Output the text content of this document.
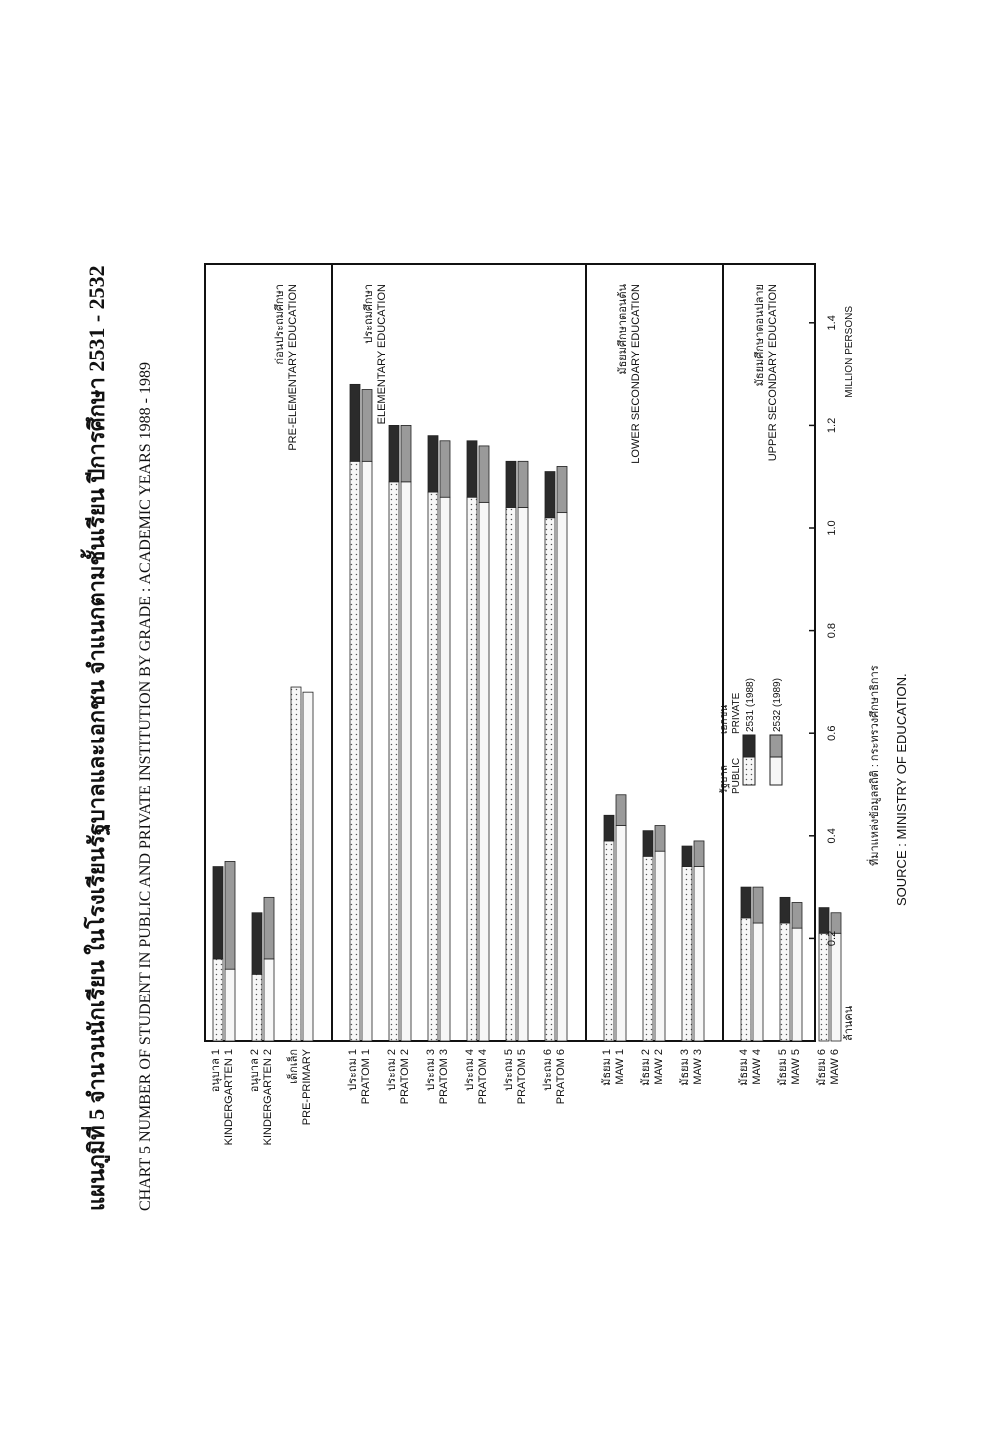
แผนภูมิที่ 5 จำนวนนักเรียน ในโรงเรียนรัฐบาลและเอกชน จำแนกตามชั้นเรียน ปีการศึกษา 2531 - 2532 CHART 5 NUMBER OF STUDENT IN PUBLIC AND PRIVATE INSTITUTION BY GRADE : ACADEMIC YEARS 1988 - 1989	อนุบาล 1 KINDERGARTEN 1 อนุบาล 2 KINDERGARTEN 2 เด็กเล็ก PRE-PRIMARY	ประถม 1 PRATOM 1 ประถม 2 PRATOM 2 ประถม 3 PRATOM 3 ประถม 4 PRATOM 4 ประถม 5 PRATOM 5 ประถม 6 PRATOM 6	มัธยม 1 MAW 1 มัธยม 2 MAW 2 มัธยม 3 MAW 3	มัธยม 4 MAW 4 มัธยม 5 MAW 5 มัธยม 6 MAW 6
0.2
0.4
0.6
0.8
1.0
1.2
1.4
ก่อนประถมศึกษา PRE-ELEMENTARY EDUCATION	ประถมศึกษา ELEMENTARY EDUCATION	มัธยมศึกษาตอนต้น LOWER SECONDARY EDUCATION	มัธยมศึกษาตอนปลาย UPPER SECONDARY EDUCATION
รัฐบาล PUBLIC
เอกชน PRIVATE 2531 (1988) 2532 (1989)
ล้านคน
MILLION PERSONS
ที่มาแหล่งข้อมูลสถิติ : กระทรวงศึกษาธิการ SOURCE : MINISTRY OF EDUCATION.
